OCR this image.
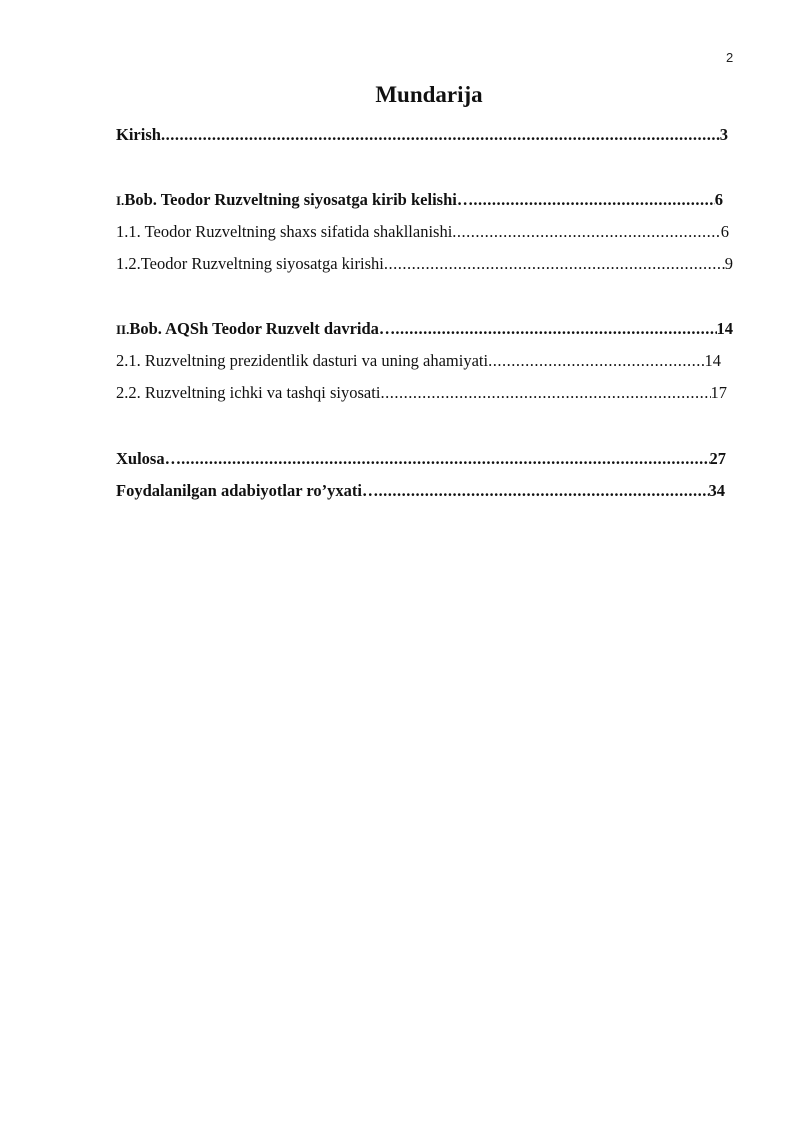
2
Mundarija
Kirish .....	3
I.Bob. Teodor Ruzveltning siyosatga kirib kelishi… .....	6
1.1. Teodor Ruzveltning shaxs sifatida shakllanishi .....	6
1.2.Teodor Ruzveltning siyosatga kirishi .....	9
II.Bob. AQSh Teodor Ruzvelt davrida… .....	14
2.1. Ruzveltning prezidentlik dasturi va uning ahamiyati .....	14
2.2. Ruzveltning ichki va tashqi siyosati .....	17
Xulosa… .....	27
Foydalanilgan adabiyotlar ro’yxati… .....	34
